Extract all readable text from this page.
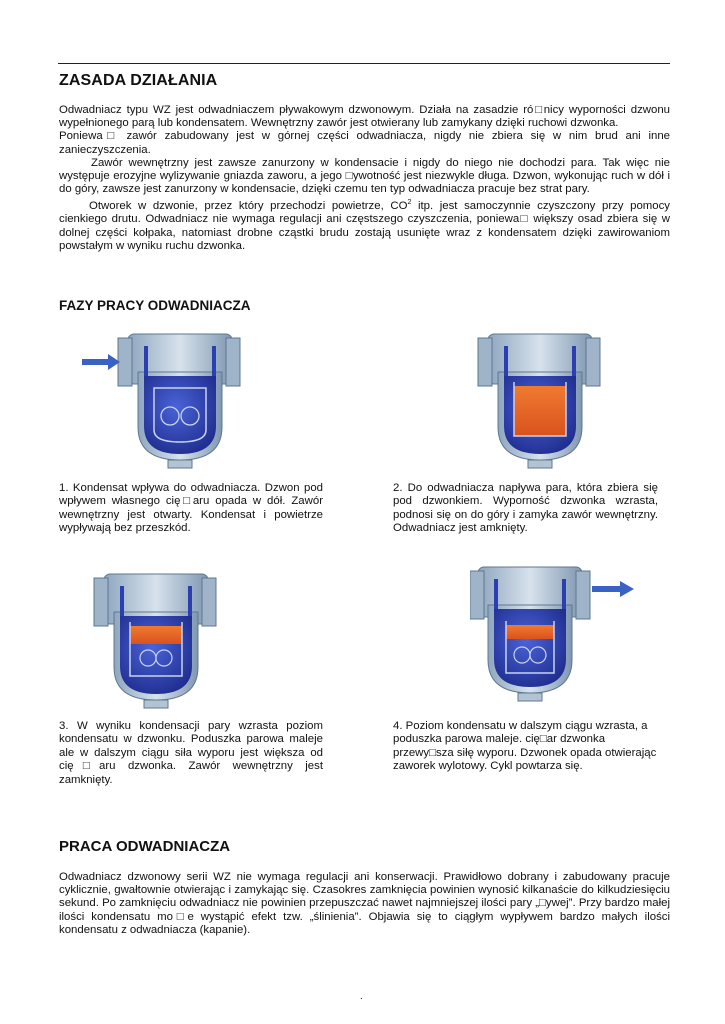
ZASADA DZIAŁANIA

Odwadniacz typu WZ jest odwadniaczem pływakowym dzwonowym. Działa na zasadzie ró□nicy wyporności dzwonu wypełnionego parą lub kondensatem. Wewnętrzny zawór jest otwierany lub zamykany dzięki ruchowi dzwonka.

Poniewa□ zawór zabudowany jest w górnej części odwadniacza, nigdy nie zbiera się w nim brud ani inne zanieczyszczenia.

Zawór wewnętrzny jest zawsze zanurzony w kondensacie i nigdy do niego nie dochodzi para. Tak więc nie występuje erozyjne wylizywanie gniazda zaworu, a jego □ywotność jest niezwykle długa. Dzwon, wykonując ruch w dół i do góry, zawsze jest zanurzony w kondensacie, dzięki czemu ten typ odwadniacza pracuje bez strat pary.

Otworek w dzwonie, przez który przechodzi powietrze, $CO^2$ itp. jest samoczynnie czyszczony przy pomocy cienkiego drutu. Odwadniacz nie wymaga regulacji ani częstszego czyszczenia, poniewa□ większy osad zbiera się w dolnej części kołpaka, natomiast drobne cząstki brudu zostają usunięte wraz z kondensatem dzięki zawirowaniom powstałym w wyniku ruchu dzwonka.

FAZY PRACY ODWADNIACZA

1. Kondensat wpływa do odwadniacza. Dzwon pod wpływem własnego cię□aru opada w dół. Zawór wewnętrzny jest otwarty. Kondensat i powietrze wypływają bez przeszkód.

2. Do odwadniacza napływa para, która zbiera się pod dzwonkiem. Wyporność dzwonka wzrasta, podnosi się on do góry i zamyka zawór wewnętrzny. Odwadniacz jest amknięty.

3. W wyniku kondensacji pary wzrasta poziom kondensatu w dzwonku. Poduszka parowa maleje ale w dalszym ciągu siła wyporu jest większa od cię□aru dzwonka. Zawór wewnętrzny jest zamknięty.

4. Poziom kondensatu w dalszym ciągu wzrasta, a poduszka parowa maleje. cię□ar dzwonka przewy□sza siłę wyporu. Dzwonek opada otwierając zaworek wylotowy. Cykl powtarza się.

PRACA ODWADNIACZA

Odwadniacz dzwonowy serii WZ nie wymaga regulacji ani konserwacji. Prawidłowo dobrany i zabudowany pracuje cyklicznie, gwałtownie otwierając i zamykając się. Czasokres zamknięcia powinien wynosić kilkanaście do kilkudziesięciu sekund. Po zamknięciu odwadniacz nie powinien przepuszczać nawet najmniejszej ilości pary „□ywej”. Przy bardzo małej ilości kondensatu mo□e wystąpić efekt tzw. „ślinienia”. Objawia się to ciągłym wypływem bardzo małych ilości kondensatu z odwadniacza (kapanie).

.
